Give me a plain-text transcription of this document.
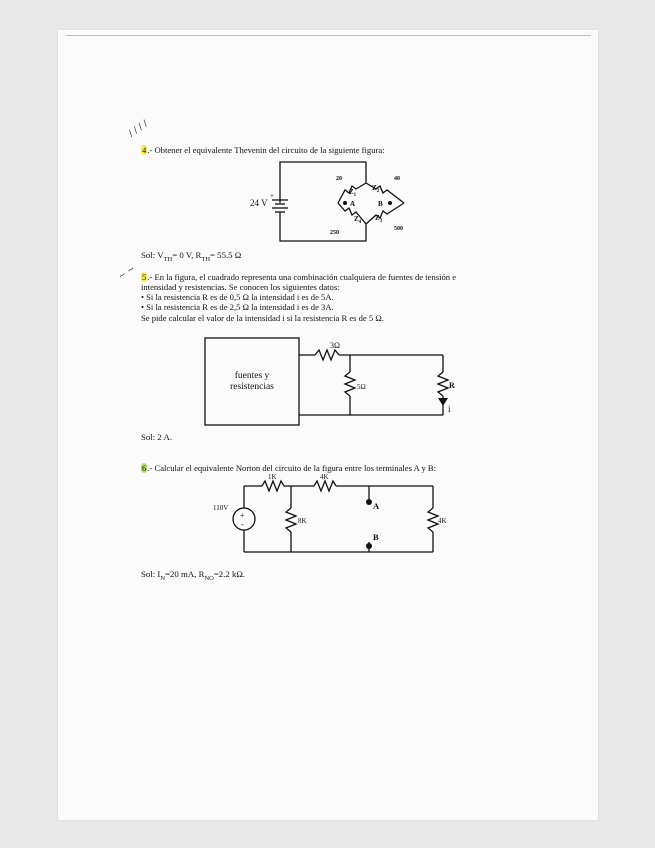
/ / / /
~ ~
4.- Obtener el equivalente Thevenin del circuito de la siguiente figura:
24 V
+
20	40
250
500
$Z_1$
$Z_2$
$Z_3$
$Z_4$
A	B
Sol: $V_{TH}= 0$ V, $R_{TH}= 55.5$ Ω
5.- En la figura, el cuadrado representa una combinación cualquiera de fuentes de tensión e
intensidad y resistencias. Se conocen los siguientes datos:
• Si la resistencia R es de 0,5 Ω la intensidad i es de 5A.
• Si la resistencia R es de 2,5 Ω la intensidad i es de 3A.
Se pide calcular el valor de la intensidad i si la resistencia R es de 5 Ω.
3Ω
5Ω	R
i
fuentes y
resistencias
Sol: 2 A.
6.- Calcular el equivalente Norton del circuito de la figura entre los terminales A y B:
+
-
110V
1K	4K
8K	4K
A
B
Sol: $I_N=20$ mA, $R_{NO}=2.2$ kΩ.
